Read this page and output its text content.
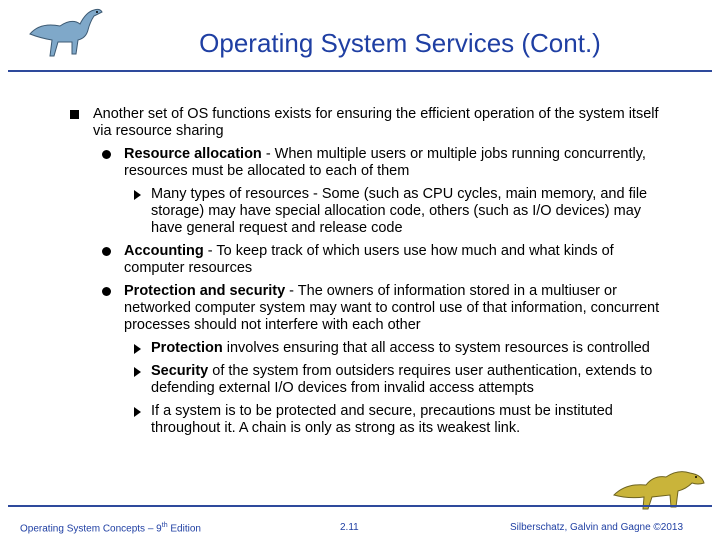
Operating System Services (Cont.)
Another set of OS functions exists for ensuring the efficient operation of the system itself via resource sharing
Resource allocation - When multiple users or multiple jobs running concurrently, resources must be allocated to each of them
Many types of resources - Some (such as CPU cycles, main memory, and file storage) may have special allocation code, others (such as I/O devices) may have general request and release code
Accounting - To keep track of which users use how much and what kinds of computer resources
Protection and security - The owners of information stored in a multiuser or networked computer system may want to control use of that information, concurrent processes should not interfere with each other
Protection involves ensuring that all access to system resources is controlled
Security of the system from outsiders requires user authentication, extends to defending external I/O devices from invalid access attempts
If a system is to be protected and secure, precautions must be instituted throughout it. A chain is only as strong as its weakest link.
Operating System Concepts – 9th Edition	2.11	Silberschatz, Galvin and Gagne ©2013
